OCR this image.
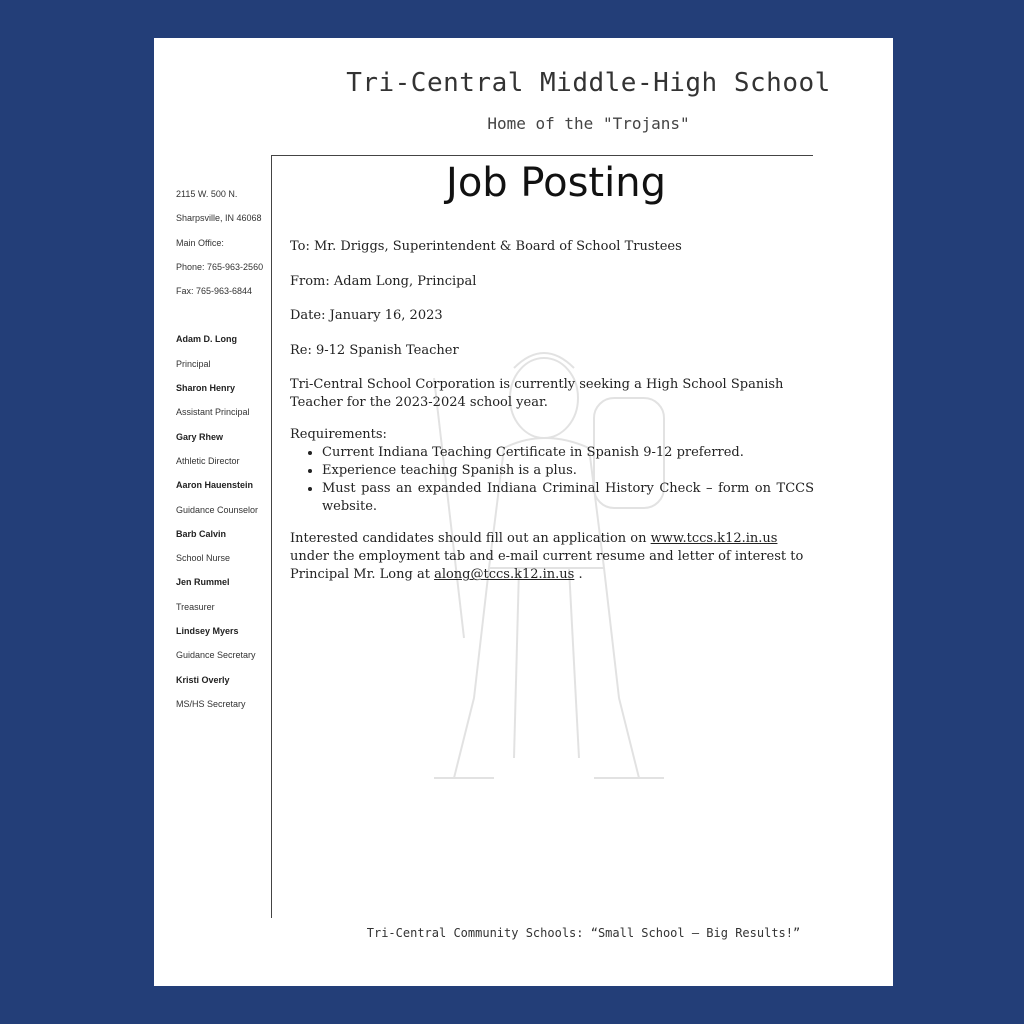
Tri-Central Middle-High School
Home of the "Trojans"
2115 W. 500 N.
Sharpsville, IN 46068
Main Office:
Phone: 765-963-2560
Fax: 765-963-6844
Adam D. Long
Principal
Sharon Henry
Assistant Principal
Gary Rhew
Athletic Director
Aaron Hauenstein
Guidance Counselor
Barb Calvin
School Nurse
Jen Rummel
Treasurer
Lindsey Myers
Guidance Secretary
Kristi Overly
MS/HS Secretary
Job Posting

To: Mr. Driggs, Superintendent & Board of School Trustees

From: Adam Long, Principal

Date: January 16, 2023

Re: 9-12 Spanish Teacher

Tri-Central School Corporation is currently seeking a High School Spanish Teacher for the 2023-2024 school year.

Requirements:

• Current Indiana Teaching Certificate in Spanish 9-12 preferred.
• Experience teaching Spanish is a plus.
• Must pass an expanded Indiana Criminal History Check – form on TCCS website.

Interested candidates should fill out an application on www.tccs.k12.in.us under the employment tab and e-mail current resume and letter of interest to Principal Mr. Long at along@tccs.k12.in.us .

Tri-Central Community Schools: “Small School – Big Results!”
